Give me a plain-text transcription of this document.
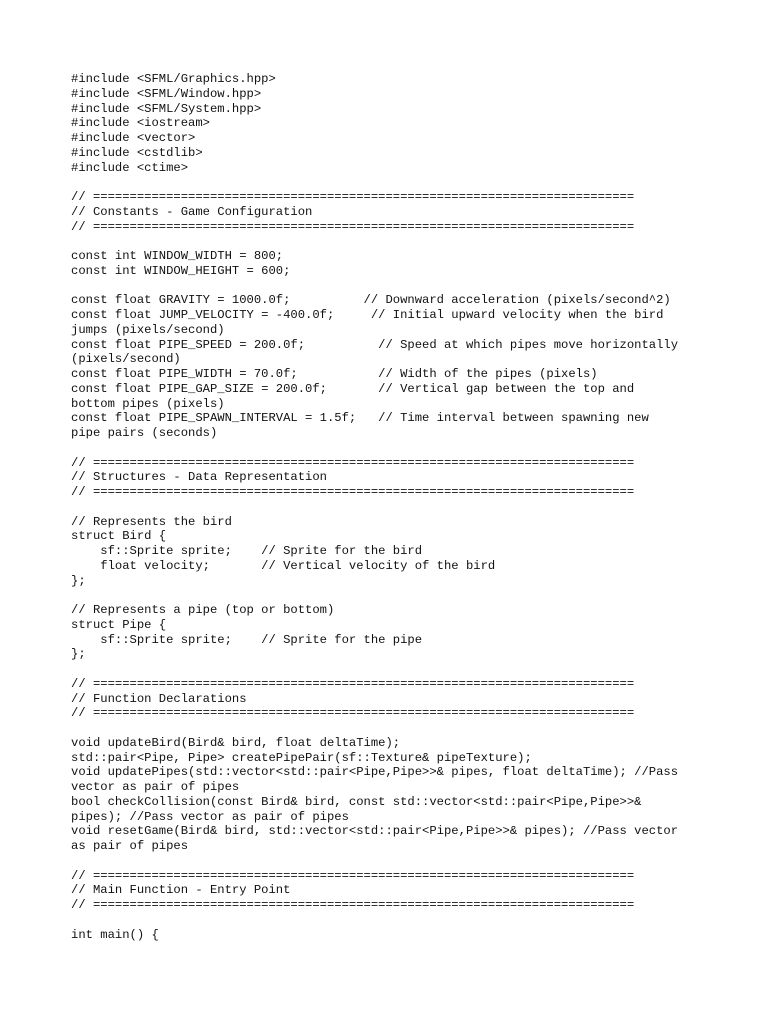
#include <SFML/Graphics.hpp>
#include <SFML/Window.hpp>
#include <SFML/System.hpp>
#include <iostream>
#include <vector>
#include <cstdlib>
#include <ctime>
// ==========================================================================
// Constants - Game Configuration
// ==========================================================================
const int WINDOW_WIDTH = 800;
const int WINDOW_HEIGHT = 600;
const float GRAVITY = 1000.0f;          // Downward acceleration (pixels/second^2)
const float JUMP_VELOCITY = -400.0f;     // Initial upward velocity when the bird
jumps (pixels/second)
const float PIPE_SPEED = 200.0f;          // Speed at which pipes move horizontally
(pixels/second)
const float PIPE_WIDTH = 70.0f;           // Width of the pipes (pixels)
const float PIPE_GAP_SIZE = 200.0f;       // Vertical gap between the top and
bottom pipes (pixels)
const float PIPE_SPAWN_INTERVAL = 1.5f;   // Time interval between spawning new
pipe pairs (seconds)
// ==========================================================================
// Structures - Data Representation
// ==========================================================================
// Represents the bird
struct Bird {
sf::Sprite sprite;    // Sprite for the bird
float velocity;       // Vertical velocity of the bird
};
// Represents a pipe (top or bottom)
struct Pipe {
sf::Sprite sprite;    // Sprite for the pipe
};
// ==========================================================================
// Function Declarations
// ==========================================================================
void updateBird(Bird& bird, float deltaTime);
std::pair<Pipe, Pipe> createPipePair(sf::Texture& pipeTexture);
void updatePipes(std::vector<std::pair<Pipe,Pipe>>& pipes, float deltaTime); //Pass
vector as pair of pipes
bool checkCollision(const Bird& bird, const std::vector<std::pair<Pipe,Pipe>>&
pipes); //Pass vector as pair of pipes
void resetGame(Bird& bird, std::vector<std::pair<Pipe,Pipe>>& pipes); //Pass vector
as pair of pipes
// ==========================================================================
// Main Function - Entry Point
// ==========================================================================
int main() {
